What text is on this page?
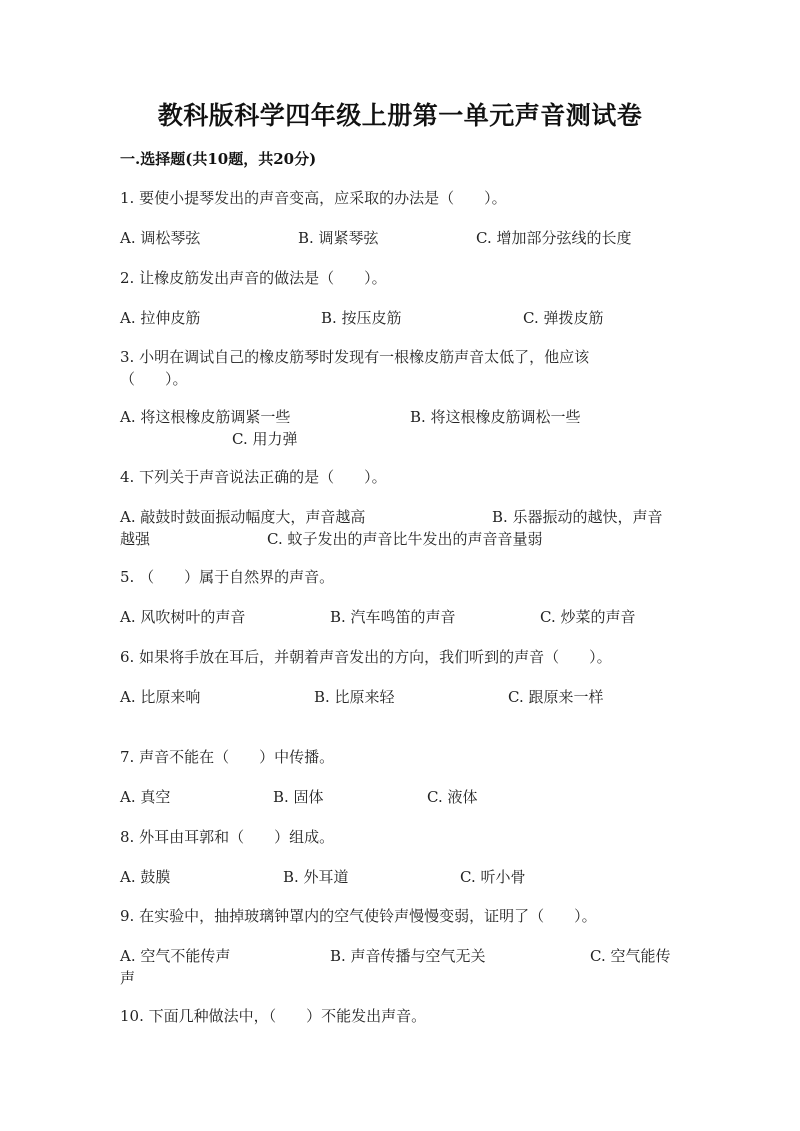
教科版科学四年级上册第一单元声音测试卷
一.选择题(共10题，共20分)
1. 要使小提琴发出的声音变高，应采取的办法是（　　）。
A. 调松琴弦	B. 调紧琴弦	C. 增加部分弦线的长度
2. 让橡皮筋发出声音的做法是（　　）。
A. 拉伸皮筋	B. 按压皮筋	C. 弹拨皮筋
3. 小明在调试自己的橡皮筋琴时发现有一根橡皮筋声音太低了，他应该
（　　）。
A. 将这根橡皮筋调紧一些	B. 将这根橡皮筋调松一些
C. 用力弹
4. 下列关于声音说法正确的是（　　）。
A. 敲鼓时鼓面振动幅度大，声音越高	B. 乐器振动的越快，声音
越强	C. 蚊子发出的声音比牛发出的声音音量弱
5. （　　）属于自然界的声音。
A. 风吹树叶的声音	B. 汽车鸣笛的声音	C. 炒菜的声音
6. 如果将手放在耳后，并朝着声音发出的方向，我们听到的声音（　　）。
A. 比原来响	B. 比原来轻	C. 跟原来一样
7. 声音不能在（　　）中传播。
A. 真空	B. 固体	C. 液体
8. 外耳由耳郭和（　　）组成。
A. 鼓膜	B. 外耳道	C. 听小骨
9. 在实验中，抽掉玻璃钟罩内的空气使铃声慢慢变弱，证明了（　　）。
A. 空气不能传声	B. 声音传播与空气无关	C. 空气能传
声
10. 下面几种做法中，（　　）不能发出声音。
